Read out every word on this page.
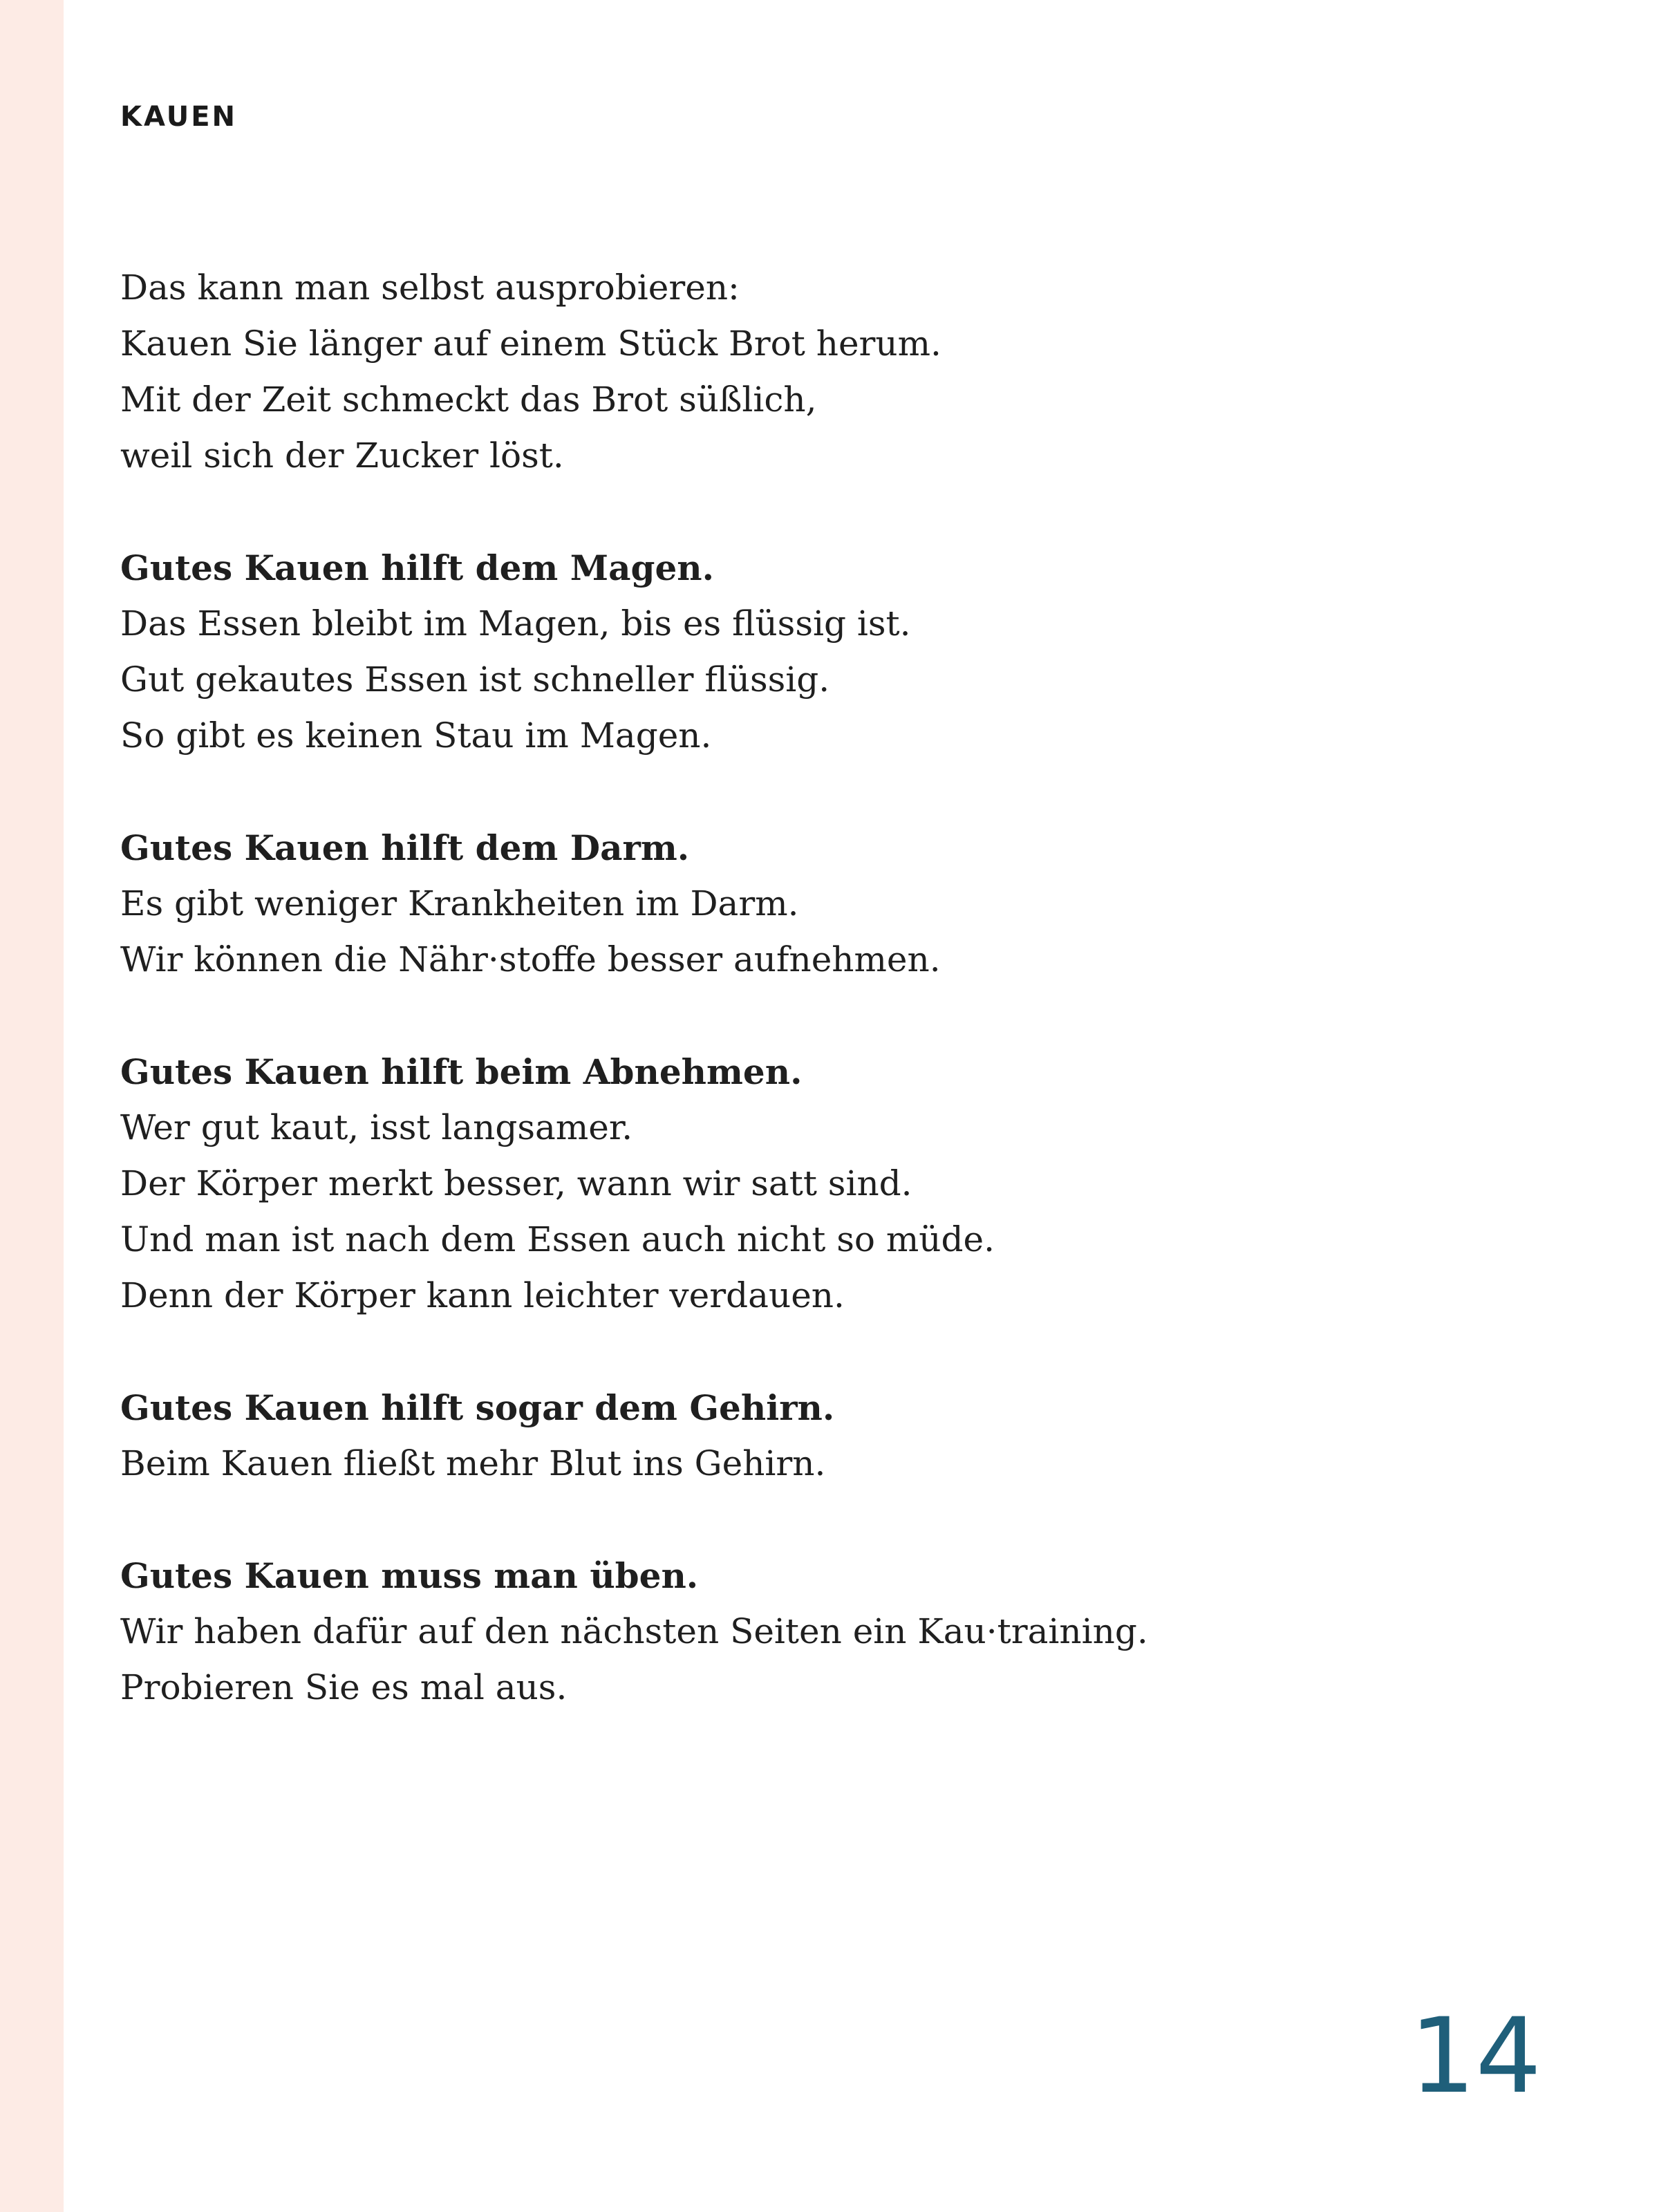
KAUEN

Das kann man selbst ausprobieren:
Kauen Sie länger auf einem Stück Brot herum.
Mit der Zeit schmeckt das Brot süßlich,
weil sich der Zucker löst.

Gutes Kauen hilft dem Magen.
Das Essen bleibt im Magen, bis es flüssig ist.
Gut gekautes Essen ist schneller flüssig.
So gibt es keinen Stau im Magen.

Gutes Kauen hilft dem Darm.
Es gibt weniger Krankheiten im Darm.
Wir können die Nähr·stoffe besser aufnehmen.

Gutes Kauen hilft beim Abnehmen.
Wer gut kaut, isst langsamer.
Der Körper merkt besser, wann wir satt sind.
Und man ist nach dem Essen auch nicht so müde.
Denn der Körper kann leichter verdauen.

Gutes Kauen hilft sogar dem Gehirn.
Beim Kauen fließt mehr Blut ins Gehirn.

Gutes Kauen muss man üben.
Wir haben dafür auf den nächsten Seiten ein Kau·training.
Probieren Sie es mal aus.

14
